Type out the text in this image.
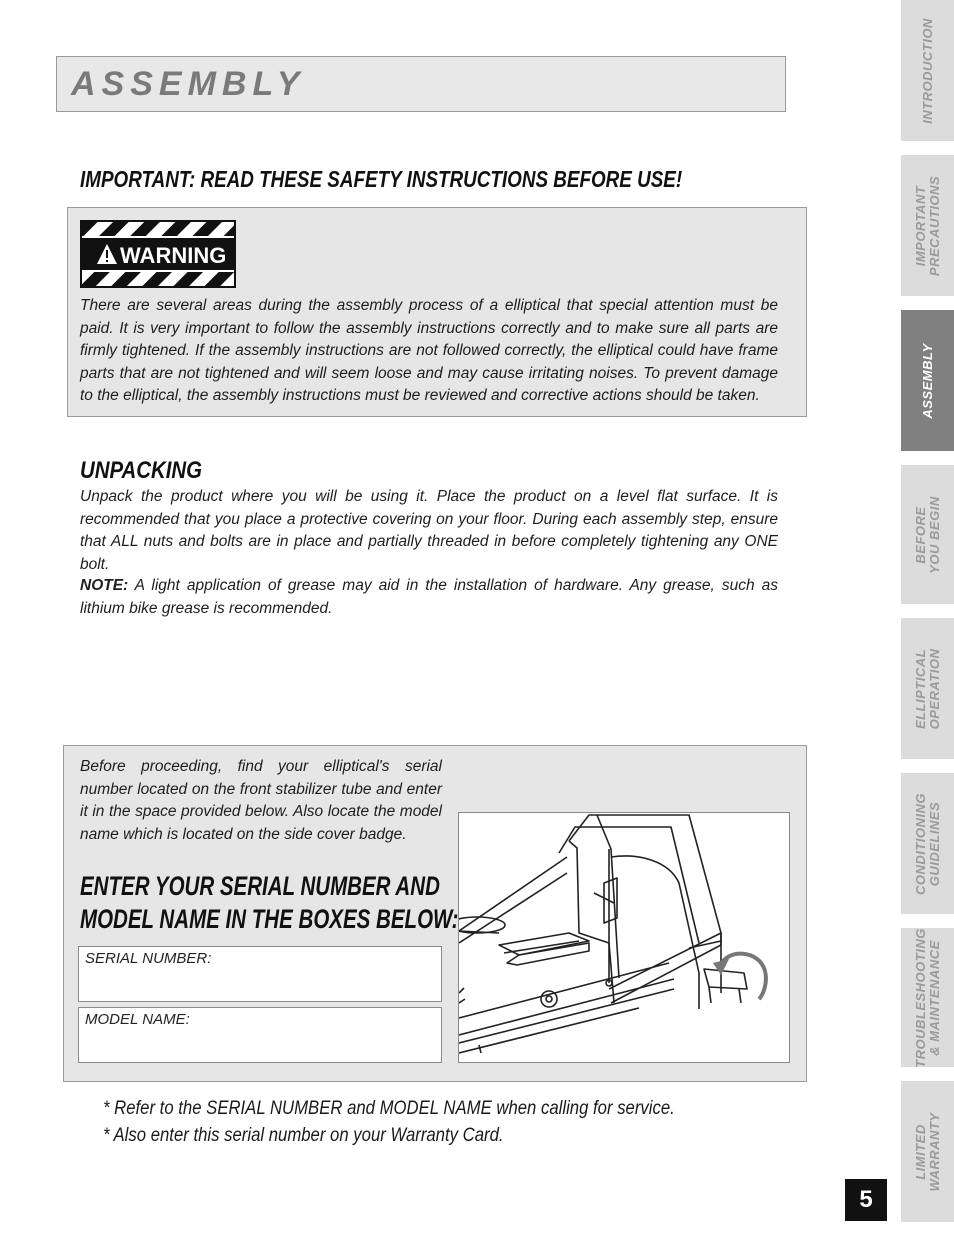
ASSEMBLY
IMPORTANT: READ THESE SAFETY INSTRUCTIONS BEFORE USE!
WARNING

There are several areas during the assembly process of a elliptical that special attention must be paid. It is very important to follow the assembly instructions correctly and to make sure all parts are firmly tightened. If the assembly instructions are not followed correctly, the elliptical could have frame parts that are not tightened and will seem loose and may cause irritating noises. To prevent damage to the elliptical, the assembly instructions must be reviewed and corrective actions should be taken.

UNPACKING

Unpack the product where you will be using it. Place the product on a level flat surface. It is recommended that you place a protective covering on your floor. During each assembly step, ensure that ALL nuts and bolts are in place and partially threaded in before completely tightening any ONE bolt.

NOTE: A light application of grease may aid in the installation of hardware. Any grease, such as lithium bike grease is recommended.

Before proceeding, find your elliptical's serial number located on the front stabilizer tube and enter it in the space provided below. Also locate the model name which is located on the side cover badge.

ENTER YOUR SERIAL NUMBER AND
MODEL NAME IN THE BOXES BELOW:
SERIAL NUMBER:
MODEL NAME:
* Refer to the SERIAL NUMBER and MODEL NAME when calling for service.
* Also enter this serial number on your Warranty Card.
INTRODUCTION
IMPORTANT
PRECAUTIONS
ASSEMBLY
BEFORE
YOU BEGIN
ELLIPTICAL
OPERATION
CONDITIONING
GUIDELINES
TROUBLESHOOTING
& MAINTENANCE
LIMITED
WARRANTY
5
